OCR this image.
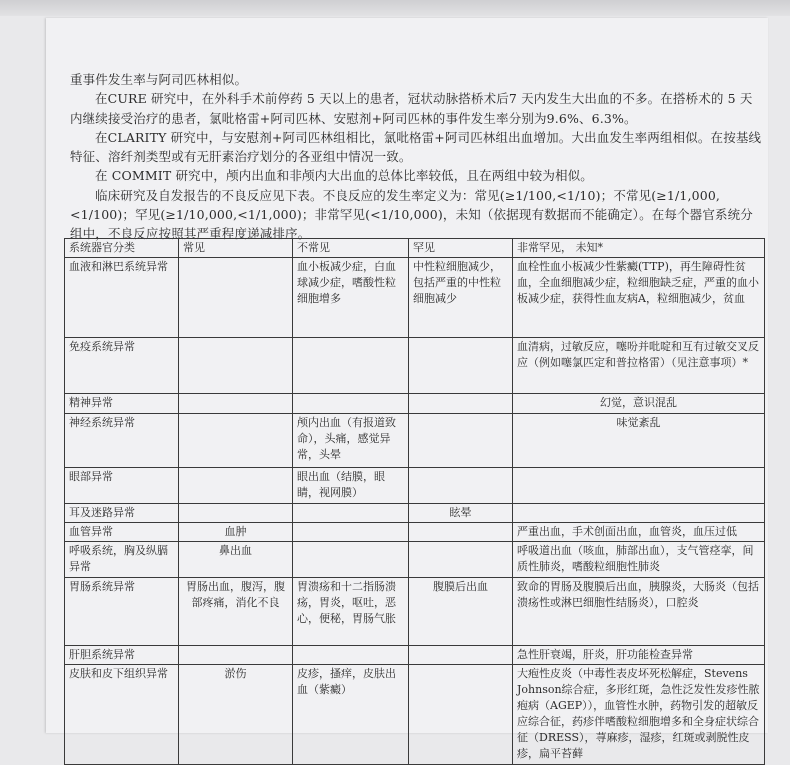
重事件发生率与阿司匹林相似。

在CURE 研究中，在外科手术前停药 5 天以上的患者，冠状动脉搭桥术后7 天内发生大出血的不多。在搭桥术的 5 天内继续接受治疗的患者，氯吡格雷+阿司匹林、安慰剂+阿司匹林的事件发生率分别为9.6%、6.3%。

在CLARITY 研究中，与安慰剂+阿司匹林组相比，氯吡格雷+阿司匹林组出血增加。大出血发生率两组相似。在按基线特征、溶纤剂类型或有无肝素治疗划分的各亚组中情况一致。

在 COMMIT 研究中，颅内出血和非颅内大出血的总体比率较低，且在两组中较为相似。

临床研究及自发报告的不良反应见下表。不良反应的发生率定义为：常见(≥1/100,<1/10)；不常见(≥1/1,000,<1/100)；罕见(≥1/10,000,<1/1,000)；非常罕见(<1/10,000)，未知（依据现有数据而不能确定）。在每个器官系统分组中，不良反应按照其严重程度递减排序。

系统器官分类	常见	不常见	罕见	非常罕见， 未知*
血液和淋巴系统异常		血小板减少症，白血球减少症，嗜酸性粒细胞增多	中性粒细胞减少，包括严重的中性粒细胞减少	血栓性血小板减少性紫癜(TTP)，再生障碍性贫血，全血细胞减少症，粒细胞缺乏症，严重的血小板减少症，获得性血友病A，粒细胞减少，贫血
免疫系统异常				血清病，过敏反应，噻吩并吡啶和互有过敏交叉反应（例如噻氯匹定和普拉格雷）（见注意事项）*
精神异常				幻觉，意识混乱
神经系统异常		颅内出血（有报道致命），头痛，感觉异常，头晕		味觉紊乱
眼部异常		眼出血（结膜，眼睛，视网膜）		
耳及迷路异常			眩晕	
血管异常	血肿			严重出血，手术创面出血，血管炎，血压过低
呼吸系统，胸及纵膈异常	鼻出血			呼吸道出血（咳血，肺部出血），支气管痉挛，间质性肺炎，嗜酸粒细胞性肺炎
胃肠系统异常	胃肠出血，腹泻，腹部疼痛，消化不良	胃溃疡和十二指肠溃疡，胃炎，呕吐，恶心，便秘，胃肠气胀	腹膜后出血	致命的胃肠及腹膜后出血，胰腺炎，大肠炎（包括溃疡性或淋巴细胞性结肠炎），口腔炎
肝胆系统异常				急性肝衰竭，肝炎，肝功能检查异常
皮肤和皮下组织异常	淤伤	皮疹，搔痒，皮肤出血（紫癜）		大疱性皮炎（中毒性表皮坏死松解症，Stevens Johnson综合症，多形红斑，急性泛发性发疹性脓疱病（AGEP）），血管性水肿，药物引发的超敏反应综合征，药疹伴嗜酸粒细胞增多和全身症状综合征（DRESS），荨麻疹，湿疹，红斑或剥脱性皮疹，扁平苔藓
